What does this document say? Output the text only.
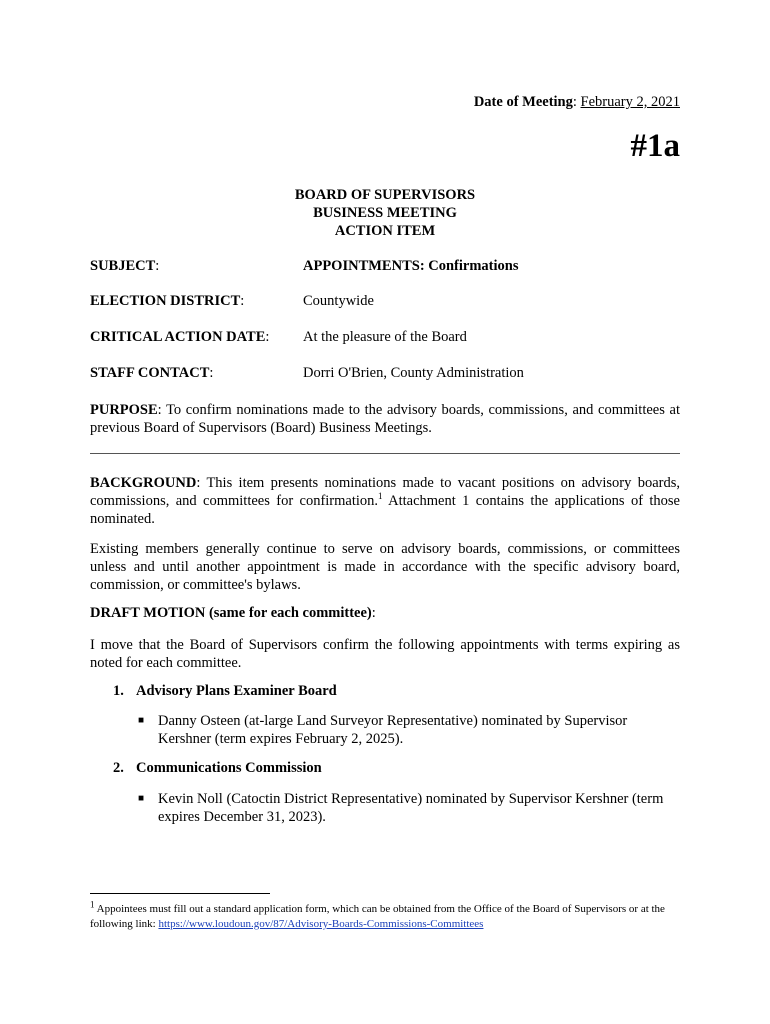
Date of Meeting: February 2, 2021
#1a
BOARD OF SUPERVISORS
BUSINESS MEETING
ACTION ITEM
SUBJECT:	APPOINTMENTS: Confirmations
ELECTION DISTRICT:	Countywide
CRITICAL ACTION DATE: At the pleasure of the Board
STAFF CONTACT:	Dorri O'Brien, County Administration
PURPOSE: To confirm nominations made to the advisory boards, commissions, and committees at previous Board of Supervisors (Board) Business Meetings.
BACKGROUND: This item presents nominations made to vacant positions on advisory boards, commissions, and committees for confirmation.$^1$ Attachment 1 contains the applications of those nominated.
Existing members generally continue to serve on advisory boards, commissions, or committees unless and until another appointment is made in accordance with the specific advisory board, commission, or committee's bylaws.
DRAFT MOTION (same for each committee):
I move that the Board of Supervisors confirm the following appointments with terms expiring as noted for each committee.
1. Advisory Plans Examiner Board
■ Danny Osteen (at-large Land Surveyor Representative) nominated by Supervisor Kershner (term expires February 2, 2025).
2. Communications Commission
■ Kevin Noll (Catoctin District Representative) nominated by Supervisor Kershner (term expires December 31, 2023).
$^1$ Appointees must fill out a standard application form, which can be obtained from the Office of the Board of Supervisors or at the following link: https://www.loudoun.gov/87/Advisory-Boards-Commissions-Committees
